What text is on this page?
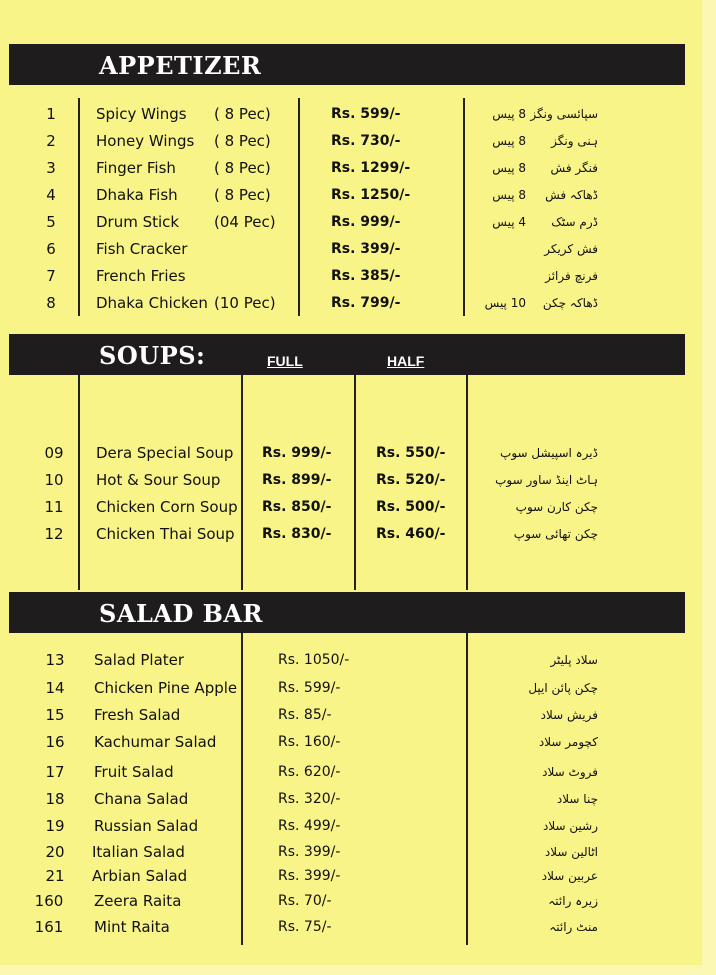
APPETIZER
1	Spicy Wings ( 8 Pec)	Rs. 599/-	8 پیس سپائسی ونگز
2	Honey Wings ( 8 Pec)	Rs. 730/-	8 پیس ہنی ونگز
3	Finger Fish	( 8 Pec)	Rs. 1299/-	8 پیس فنگر فش
4	Dhaka Fish ( 8 Pec)	Rs. 1250/-	8 پیس ڈھاکہ فش
5	Drum Stick (04 Pec)	Rs. 999/-	4 پیس ڈرم سٹک
6	Fish Cracker	Rs. 399/-	فش کریکر
7	French Fries	Rs. 385/-	فرنچ فرائز
8	Dhaka Chicken (10 Pec)	Rs. 799/-	10 پیس ڈھاکہ چکن
SOUPS:	FULL	HALF
09	Dera Special Soup Rs. 999/-	Rs. 550/-	ڈیرہ اسپیشل سوپ
10	Hot & Sour Soup	Rs. 899/-	Rs. 520/-	ہاٹ اینڈ ساور سوپ
11	Chicken Corn Soup Rs. 850/-	Rs. 500/-	چکن کارن سوپ
12	Chicken Thai Soup Rs. 830/-	Rs. 460/-	چکن تھائی سوپ
SALAD BAR
13	Salad Plater	Rs. 1050/-	سلاد پلیٹر
14	Chicken Pine Apple	Rs. 599/-	چکن پائن ایپل
15	Fresh Salad	Rs. 85/-	فریش سلاد
16	Kachumar Salad	Rs. 160/-	کچومر سلاد
17	Fruit Salad	Rs. 620/-	فروٹ سلاد
18	Chana Salad	Rs. 320/-	چنا سلاد
19	Russian Salad	Rs. 499/-	رشین سلاد
20	Italian Salad	Rs. 399/-	اٹالین سلاد
21	Arbian Salad	Rs. 399/-	عربین سلاد
160	Zeera Raita	Rs. 70/-	زیرہ رائتہ
161	Mint Raita	Rs. 75/-	منٹ رائتہ
